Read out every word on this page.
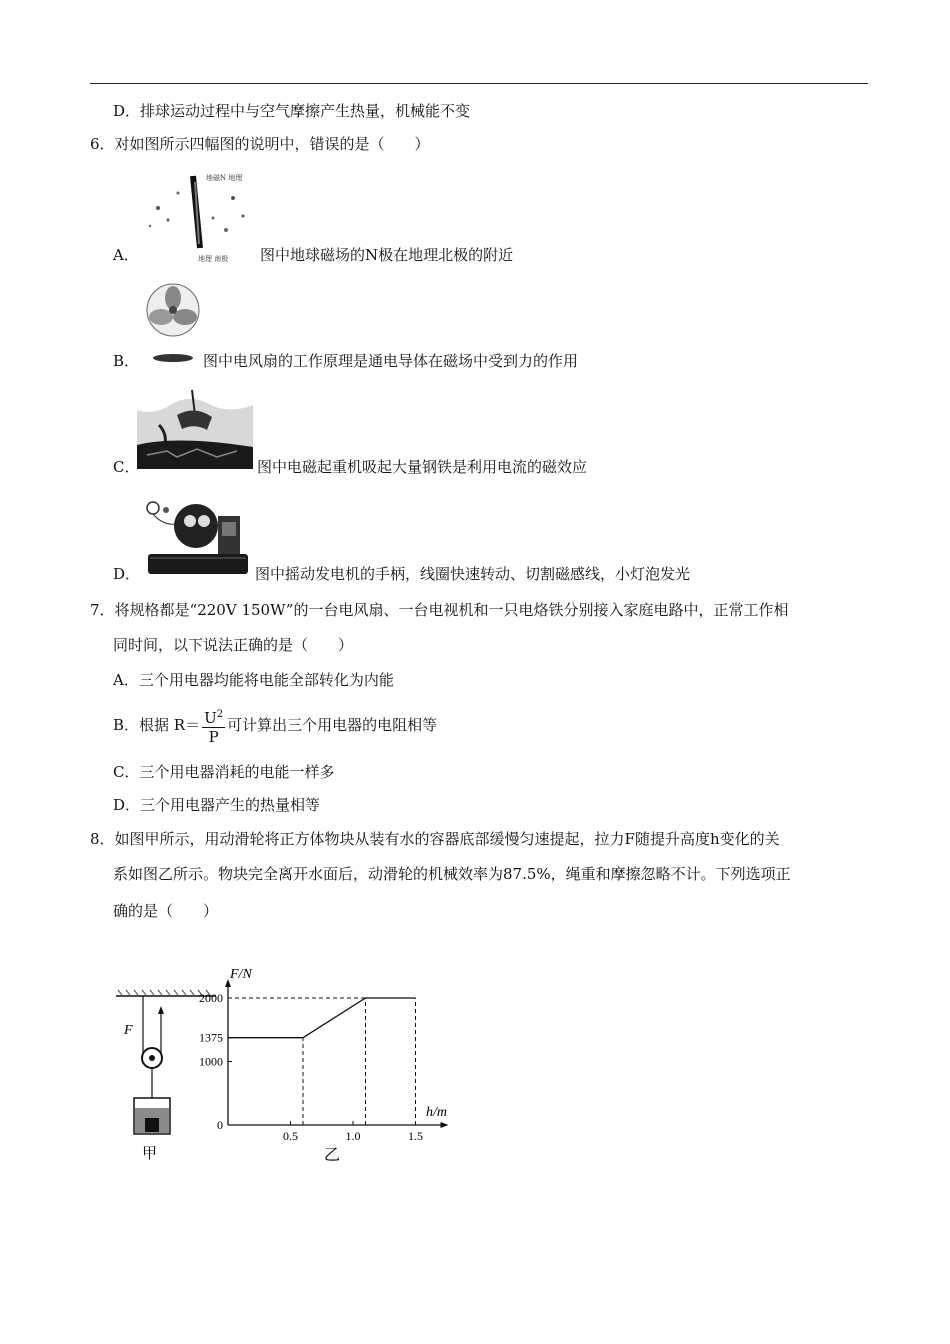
D．排球运动过程中与空气摩擦产生热量，机械能不变
6．对如图所示四幅图的说明中，错误的是（　　）
地磁N 地理
地理 南极
A．	图中地球磁场的N极在地理北极的附近
B．	图中电风扇的工作原理是通电导体在磁场中受到力的作用
C．	图中电磁起重机吸起大量钢铁是利用电流的磁效应
D．	图中摇动发电机的手柄，线圈快速转动、切割磁感线，小灯泡发光
7．将规格都是“220V 150W”的一台电风扇、一台电视机和一只电烙铁分别接入家庭电路中，正常工作相
同时间，以下说法正确的是（　　）
A．三个用电器均能将电能全部转化为内能
B．根据 $R= \frac{U^2}{P}$ 可计算出三个用电器的电阻相等
C．三个用电器消耗的电能一样多
D．三个用电器产生的热量相等
8．如图甲所示，用动滑轮将正方体物块从装有水的容器底部缓慢匀速提起，拉力F随提升高度h变化的关
系如图乙所示。物块完全离开水面后，动滑轮的机械效率为87.5%，绳重和摩擦忽略不计。下列选项正
确的是（　　）
F
甲
2000
1375
1000
0
0.5	1.0	1.5
F/N
h/m
乙
